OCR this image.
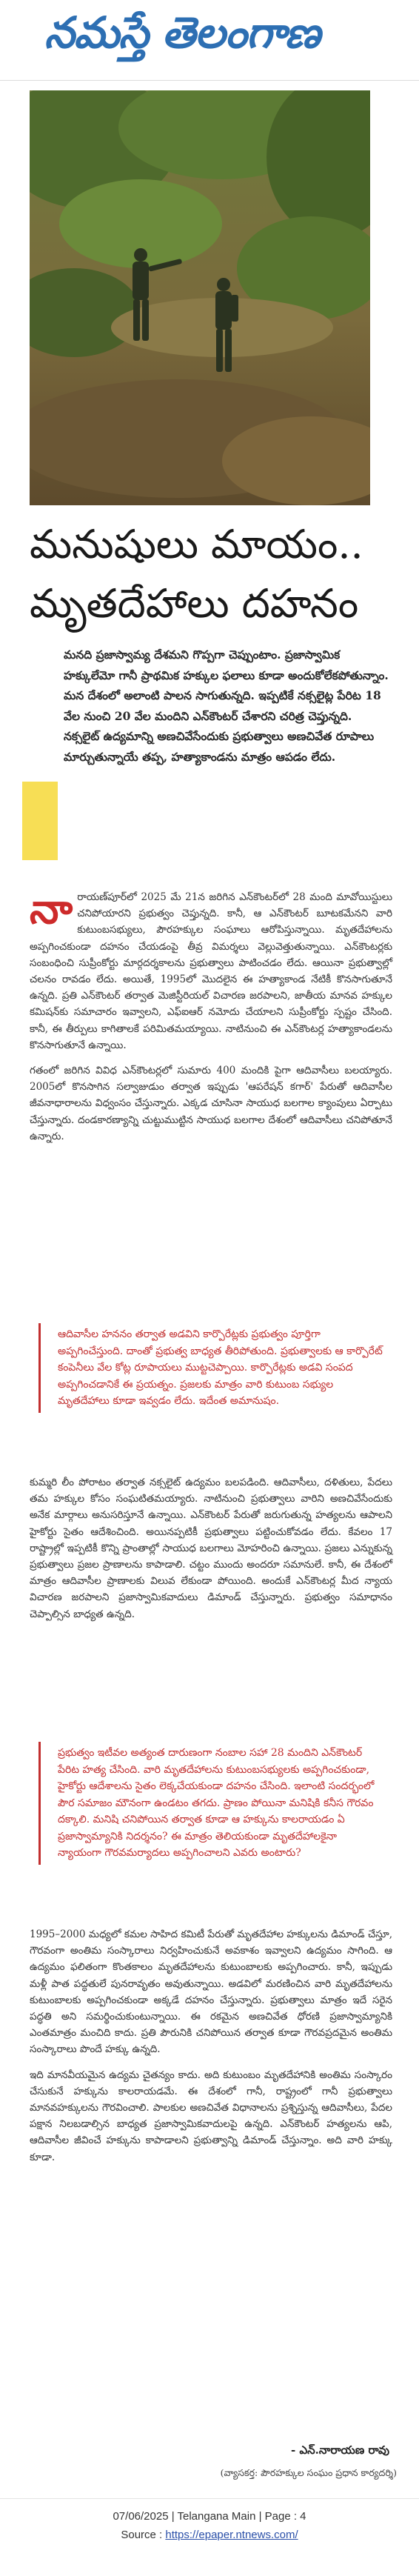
నమస్తే తెలంగాణ
మనుషులు మాయం..
మృతదేహాలు దహనం
మనది ప్రజాస్వామ్య దేశమని గొప్పగా చెప్పుంటాం. ప్రజాస్వామిక హక్కులేమో గానీ ప్రాథమిక హక్కుల ఫలాలు కూడా అందుకోలేకపోతున్నాం. మన దేశంలో అలాంటి పాలన సాగుతున్నది. ఇప్పటికే నక్సలైట్ల పేరిట 18 వేల నుంచి 20 వేల మందిని ఎన్‌కౌంటర్ చేశారని చరిత్ర చెప్తున్నది. నక్సలైట్ ఉద్యమాన్ని అణచివేసేందుకు ప్రభుత్వాలు అణచివేత రూపాలు మార్చుతున్నాయే తప్ప, హత్యాకాండను మాత్రం ఆపడం లేదు.

నారాయణ్‌పూర్‌లో 2025 మే 21న జరిగిన ఎన్‌కౌంటర్‌లో 28 మంది మావోయిస్టులు చనిపోయారని ప్రభుత్వం చెప్తున్నది. కానీ, ఆ ఎన్‌కౌంటర్ బూటకమేనని వారి కుటుంబసభ్యులు, పౌరహక్కుల సంఘాలు ఆరోపిస్తున్నాయి. మృతదేహాలను అప్పగించకుండా దహనం చేయడంపై తీవ్ర విమర్శలు వెల్లువెత్తుతున్నాయి. ఎన్‌కౌంటర్లకు సంబంధించి సుప్రీంకోర్టు మార్గదర్శకాలను ప్రభుత్వాలు పాటించడం లేదు. ఆయినా ప్రభుత్వాల్లో చలనం రావడం లేదు. అయితే, 1995లో మొదలైన ఈ హత్యాకాండ నేటికీ కొనసాగుతూనే ఉన్నది. ప్రతి ఎన్‌కౌంటర్ తర్వాత మెజిస్టీరియల్ విచారణ జరపాలని, జాతీయ మానవ హక్కుల కమిషన్‌కు సమాచారం ఇవ్వాలని, ఎఫ్‌ఐఆర్ నమోదు చేయాలని సుప్రీంకోర్టు స్పష్టం చేసింది. కానీ, ఈ తీర్పులు కాగితాలకే పరిమితమయ్యాయి. నాటినుంచి ఈ ఎన్‌కౌంటర్ల హత్యాకాండలను కొనసాగుతూనే ఉన్నాయి.

గతంలో జరిగిన వివిధ ఎన్‌కౌంటర్లలో సుమారు 400 మందికి పైగా ఆదివాసీలు బలయ్యారు. 2005లో కొనసాగిన సల్వాజుడుం తర్వాత ఇప్పుడు 'ఆపరేషన్ కగార్' పేరుతో ఆదివాసీల జీవనాధారాలను విధ్వంసం చేస్తున్నారు. ఎక్కడ చూసినా సాయుధ బలగాల క్యాంపులు ఏర్పాటు చేస్తున్నారు. దండకారణ్యాన్ని చుట్టుముట్టిన సాయుధ బలగాల దేశంలో ఆదివాసీలు చనిపోతూనే ఉన్నారు.

ఆదివాసీల హననం తర్వాత అడవిని కార్పొరేట్లకు ప్రభుత్వం పూర్తిగా అప్పగించేస్తుంది. దాంతో ప్రభుత్వ బాధ్యత తీరిపోతుంది. ప్రభుత్వాలకు ఆ కార్పొరేట్ కంపెనీలు వేల కోట్ల రూపాయలు ముట్టచెప్పాయి. కార్పొరేట్లకు అడవి సంపద అప్పగించడానికే ఈ ప్రయత్నం. ప్రజలకు మాత్రం వారి కుటుంబ సభ్యుల మృతదేహాలు కూడా ఇవ్వడం లేదు. ఇదేంత అమానుషం.

కుమ్మరి లీం పోరాటం తర్వాత నక్సలైట్ ఉద్యమం బలపడింది. ఆదివాసీలు, దళితులు, పేదలు తమ హక్కుల కోసం సంఘటితమయ్యారు. నాటినుంచి ప్రభుత్వాలు వారిని అణచివేసేందుకు అనేక మార్గాలు అనుసరిస్తూనే ఉన్నాయి. ఎన్‌కౌంటర్ పేరుతో జరుగుతున్న హత్యలను ఆపాలని హైకోర్టు సైతం ఆదేశించింది. అయినప్పటికీ ప్రభుత్వాలు పట్టించుకోవడం లేదు. కేవలం 17 రాష్ట్రాల్లో ఇప్పటికీ కొన్ని ప్రాంతాల్లో సాయుధ బలగాలు మోహరించి ఉన్నాయి. ప్రజలు ఎన్నుకున్న ప్రభుత్వాలు ప్రజల ప్రాణాలను కాపాడాలి. చట్టం ముందు అందరూ సమానులే. కానీ, ఈ దేశంలో మాత్రం ఆదివాసీల ప్రాణాలకు విలువ లేకుండా పోయింది. అందుకే ఎన్‌కౌంటర్ల మీద న్యాయ విచారణ జరపాలని ప్రజాస్వామికవాదులు డిమాండ్ చేస్తున్నారు. ప్రభుత్వం సమాధానం చెప్పాల్సిన బాధ్యత ఉన్నది.

ప్రభుత్వం ఇటీవల అత్యంత దారుణంగా నంబాల సహా 28 మందిని ఎన్‌కౌంటర్ పేరిట హత్య చేసింది. వారి మృతదేహాలను కుటుంబసభ్యులకు అప్పగించకుండా, హైకోర్టు ఆదేశాలను సైతం లెక్కచేయకుండా దహనం చేసింది. ఇలాంటి సందర్భంలో పౌర సమాజం మౌనంగా ఉండటం తగదు. ప్రాణం పోయినా మనిషికి కనీస గౌరవం దక్కాలి. మనిషి చనిపోయిన తర్వాత కూడా ఆ హక్కును కాలరాయడం ఏ ప్రజాస్వామ్యానికి నిదర్శనం? ఈ మాత్రం తెలియకుండా మృతదేహాలకైనా న్యాయంగా గౌరవమర్యాదలు అప్పగించాలని ఎవరు అంటారు?

1995–2000 మధ్యలో కమల సాహిద కమిటీ పేరుతో మృతదేహాల హక్కులను డిమాండ్ చేస్తూ, గౌరవంగా అంతిమ సంస్కారాలు నిర్వహించుకునే అవకాశం ఇవ్వాలని ఉద్యమం సాగింది. ఆ ఉద్యమం ఫలితంగా కొంతకాలం మృతదేహాలను కుటుంబాలకు అప్పగించారు. కానీ, ఇప్పుడు మళ్లీ పాత పద్ధతులే పునరావృతం అవుతున్నాయి. అడవిలో మరణించిన వారి మృతదేహాలను కుటుంబాలకు అప్పగించకుండా అక్కడే దహనం చేస్తున్నారు. ప్రభుత్వాలు మాత్రం ఇదే సరైన పద్ధతి అని సమర్థించుకుంటున్నాయి. ఈ రకమైన అణచివేత ధోరణి ప్రజాస్వామ్యానికి ఎంతమాత్రం మంచిది కాదు. ప్రతి పౌరునికి చనిపోయిన తర్వాత కూడా గౌరవప్రదమైన అంతిమ సంస్కారాలు పొందే హక్కు ఉన్నది.

ఇది మానవీయమైన ఉద్యమ చైతన్యం కాదు. అది కుటుంబం మృతదేహానికి అంతిమ సంస్కారం చేసుకునే హక్కును కాలరాయడమే. ఈ దేశంలో గానీ, రాష్ట్రంలో గానీ ప్రభుత్వాలు మానవహక్కులను గౌరవించాలి. పాలకుల అణచివేత విధానాలను ప్రశ్నిస్తున్న ఆదివాసీలు, పేదల పక్షాన నిలబడాల్సిన బాధ్యత ప్రజాస్వామికవాదులపై ఉన్నది. ఎన్‌కౌంటర్ హత్యలను ఆపి, ఆదివాసీల జీవించే హక్కును కాపాడాలని ప్రభుత్వాన్ని డిమాండ్ చేస్తున్నాం. అది వారి హక్కు కూడా.

- ఎన్.నారాయణ రావు
(వ్యాసకర్త: పౌరహక్కుల సంఘం ప్రధాన కార్యదర్శి)
07/06/2025 | Telangana Main | Page : 4
Source : https://epaper.ntnews.com/
